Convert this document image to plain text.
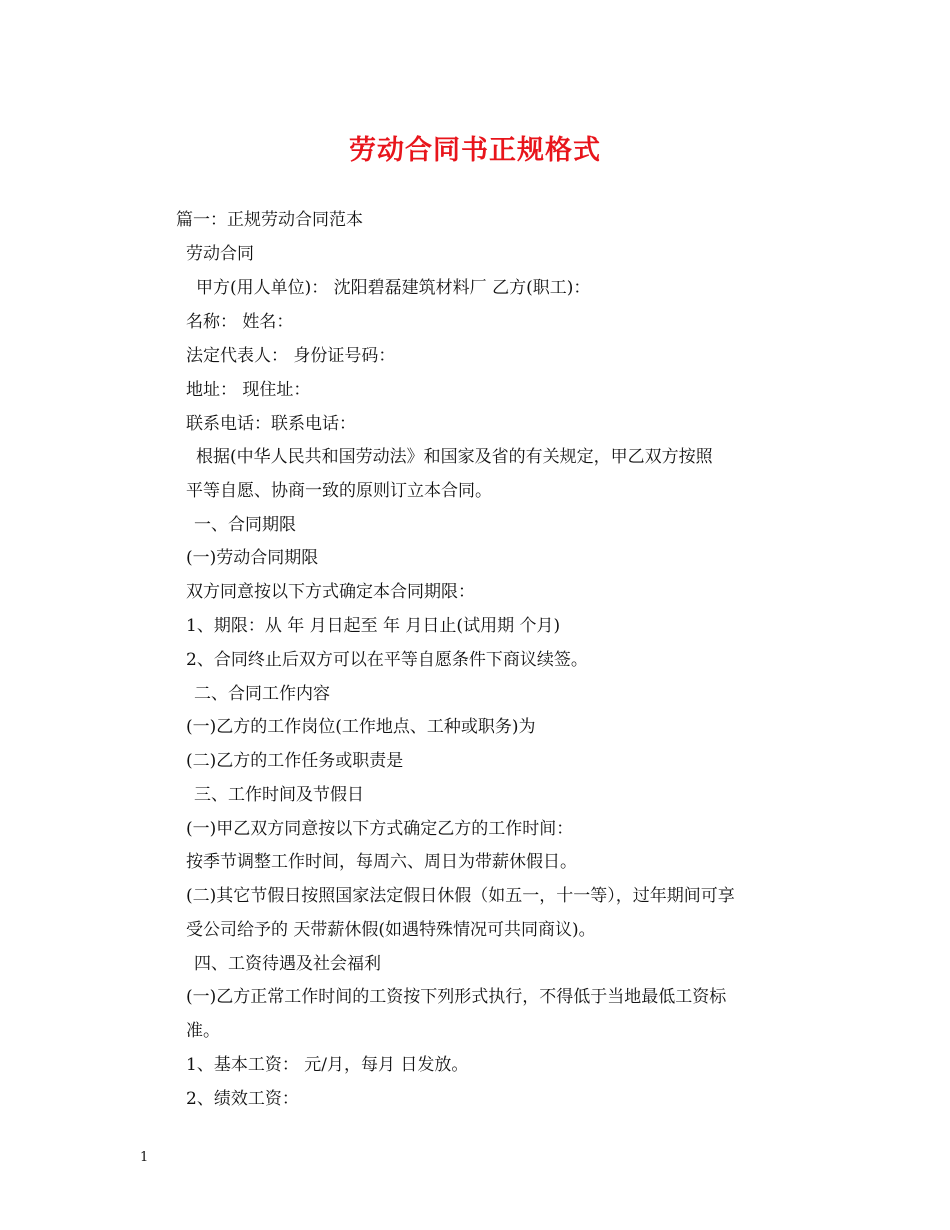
劳动合同书正规格式
篇一：正规劳动合同范本
劳动合同
甲方(用人单位)： 沈阳碧磊建筑材料厂 乙方(职工)：
名称： 姓名：
法定代表人： 身份证号码：
地址： 现住址：
联系电话：联系电话：
根据(中华人民共和国劳动法》和国家及省的有关规定，甲乙双方按照
平等自愿、协商一致的原则订立本合同。
一、合同期限
(一)劳动合同期限
双方同意按以下方式确定本合同期限：
1、期限：从 年 月日起至 年 月日止(试用期 个月)
2、合同终止后双方可以在平等自愿条件下商议续签。
二、合同工作内容
(一)乙方的工作岗位(工作地点、工种或职务)为
(二)乙方的工作任务或职责是
三、工作时间及节假日
(一)甲乙双方同意按以下方式确定乙方的工作时间：
按季节调整工作时间，每周六、周日为带薪休假日。
(二)其它节假日按照国家法定假日休假（如五一，十一等），过年期间可享
受公司给予的 天带薪休假(如遇特殊情况可共同商议)。
四、工资待遇及社会福利
(一)乙方正常工作时间的工资按下列形式执行，不得低于当地最低工资标
准。
1、基本工资： 元/月，每月 日发放。
2、绩效工资：
1
